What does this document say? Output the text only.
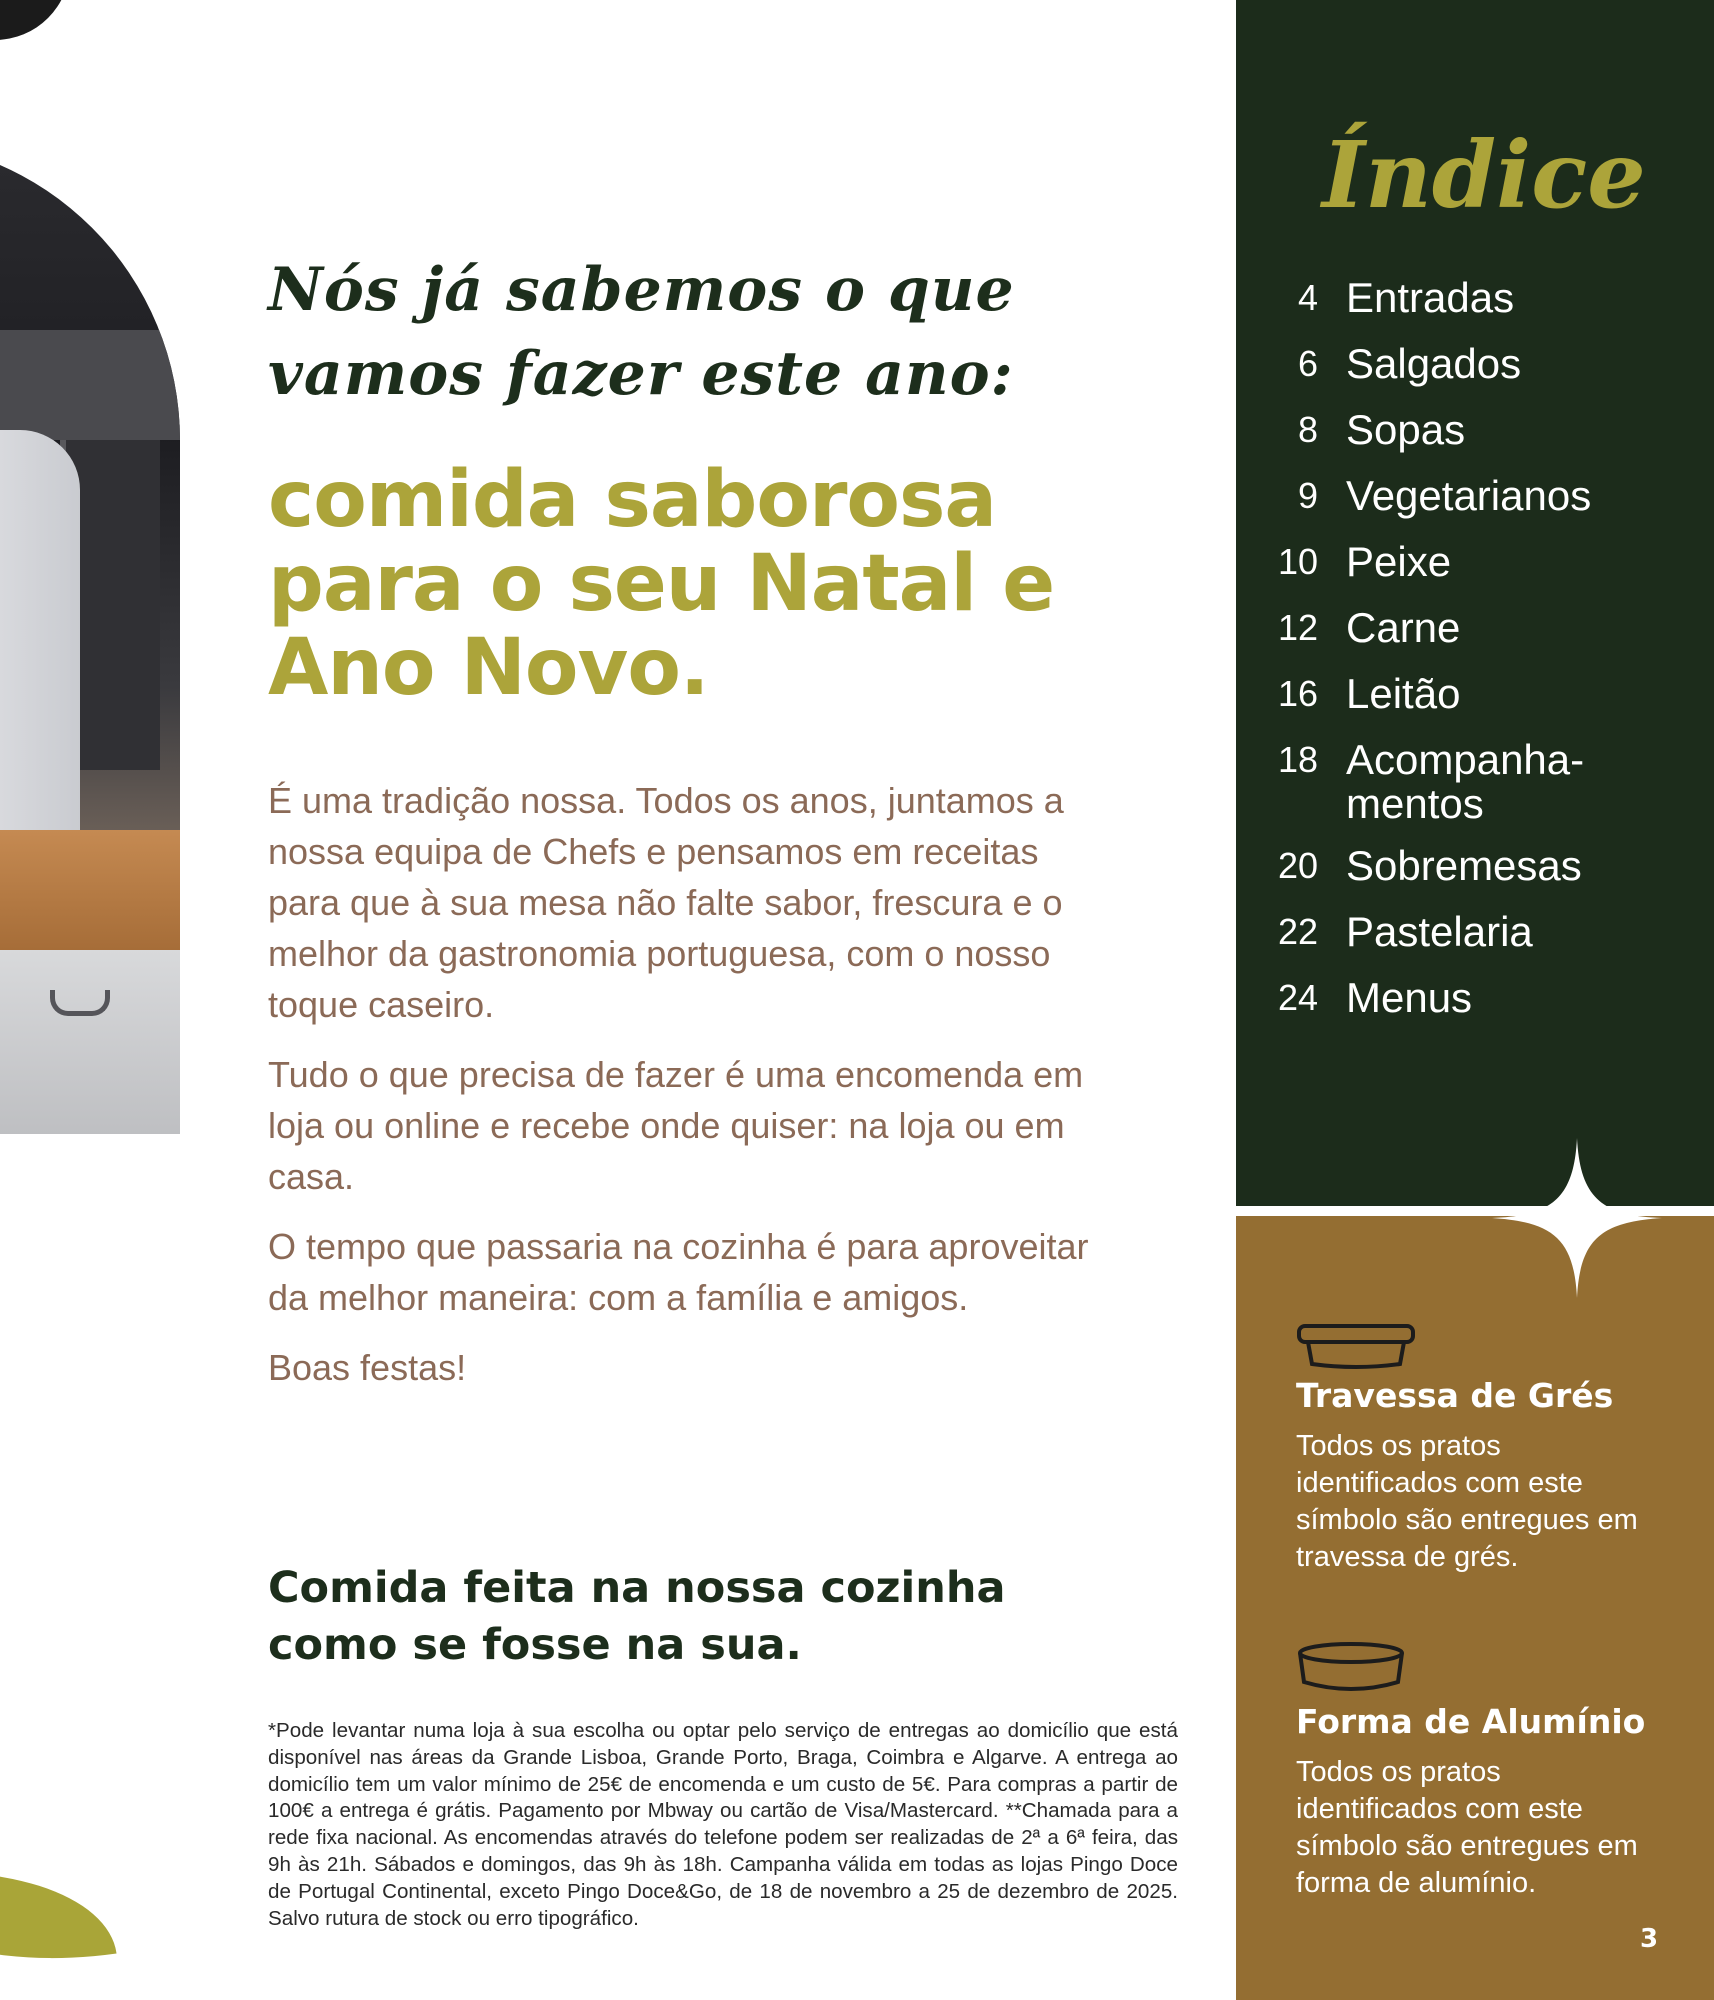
Nós já sabemos o que vamos fazer este ano:
comida saborosa para o seu Natal e Ano Novo.

É uma tradição nossa. Todos os anos, juntamos a nossa equipa de Chefs e pensamos em receitas para que à sua mesa não falte sabor, frescura e o melhor da gastronomia portuguesa, com o nosso toque caseiro.

Tudo o que precisa de fazer é uma encomenda em loja ou online e recebe onde quiser: na loja ou em casa.

O tempo que passaria na cozinha é para aproveitar da melhor maneira: com a família e amigos.

Boas festas!

Comida feita na nossa cozinha como se fosse na sua.
*Pode levantar numa loja à sua escolha ou optar pelo serviço de entregas ao domicílio que está disponível nas áreas da Grande Lisboa, Grande Porto, Braga, Coimbra e Algarve. A entrega ao domicílio tem um valor mínimo de 25€ de encomenda e um custo de 5€. Para compras a partir de 100€ a entrega é grátis. Pagamento por Mbway ou cartão de Visa/Mastercard. **Chamada para a rede fixa nacional. As encomendas através do telefone podem ser realizadas de 2ª a 6ª feira, das 9h às 21h. Sábados e domingos, das 9h às 18h. Campanha válida em todas as lojas Pingo Doce de Portugal Continental, exceto Pingo Doce&Go, de 18 de novembro a 25 de dezembro de 2025. Salvo rutura de stock ou erro tipográfico.
Índice
4 Entradas
6 Salgados
8 Sopas
9 Vegetarianos
10 Peixe
12 Carne
16 Leitão
18 Acompanha-mentos
20 Sobremesas
22 Pastelaria
24 Menus
Travessa de Grés
Todos os pratos identificados com este símbolo são entregues em travessa de grés.
Forma de Alumínio
Todos os pratos identificados com este símbolo são entregues em forma de alumínio.
3
